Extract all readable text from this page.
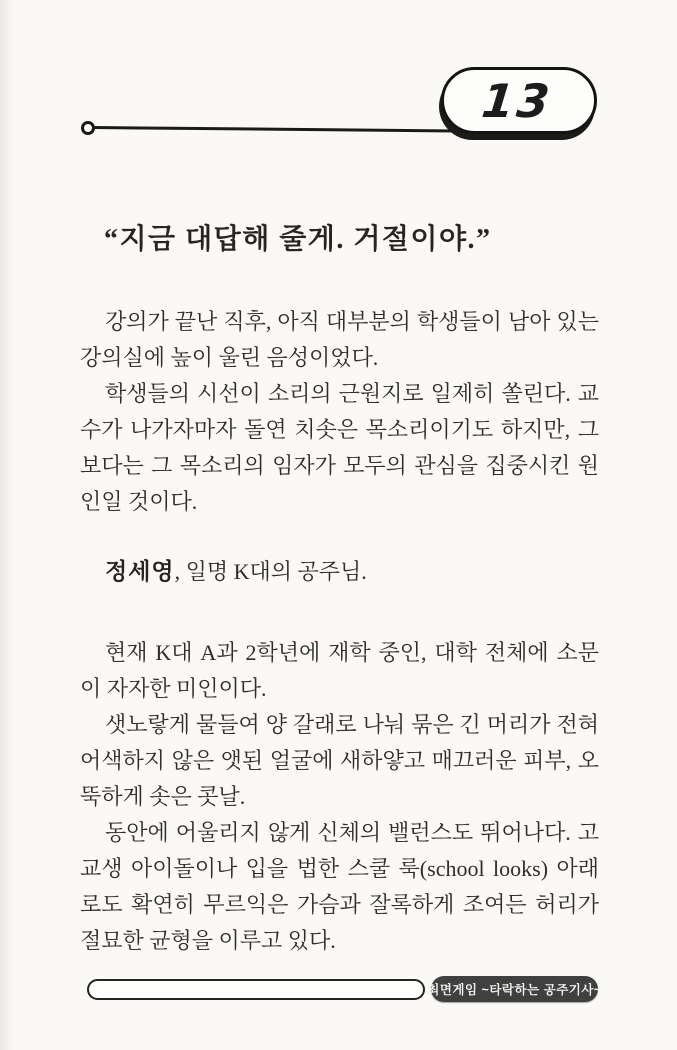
13
“지금 대답해 줄게. 거절이야.”

강의가 끝난 직후, 아직 대부분의 학생들이 남아 있는 강의실에 높이 울린 음성이었다.

학생들의 시선이 소리의 근원지로 일제히 쏠린다. 교수가 나가자마자 돌연 치솟은 목소리이기도 하지만, 그보다는 그 목소리의 임자가 모두의 관심을 집중시킨 원인일 것이다.

정세영, 일명 K대의 공주님.

현재 K대 A과 2학년에 재학 중인, 대학 전체에 소문이 자자한 미인이다.

샛노랗게 물들여 양 갈래로 나눠 묶은 긴 머리가 전혀 어색하지 않은 앳된 얼굴에 새하얗고 매끄러운 피부, 오뚝하게 솟은 콧날.

동안에 어울리지 않게 신체의 밸런스도 뛰어나다. 고교생 아이돌이나 입을 법한 스쿨 룩(school looks) 아래로도 확연히 무르익은 가슴과 잘록하게 조여든 허리가 절묘한 균형을 이루고 있다.

최면게임 ~타락하는 공주기사~
